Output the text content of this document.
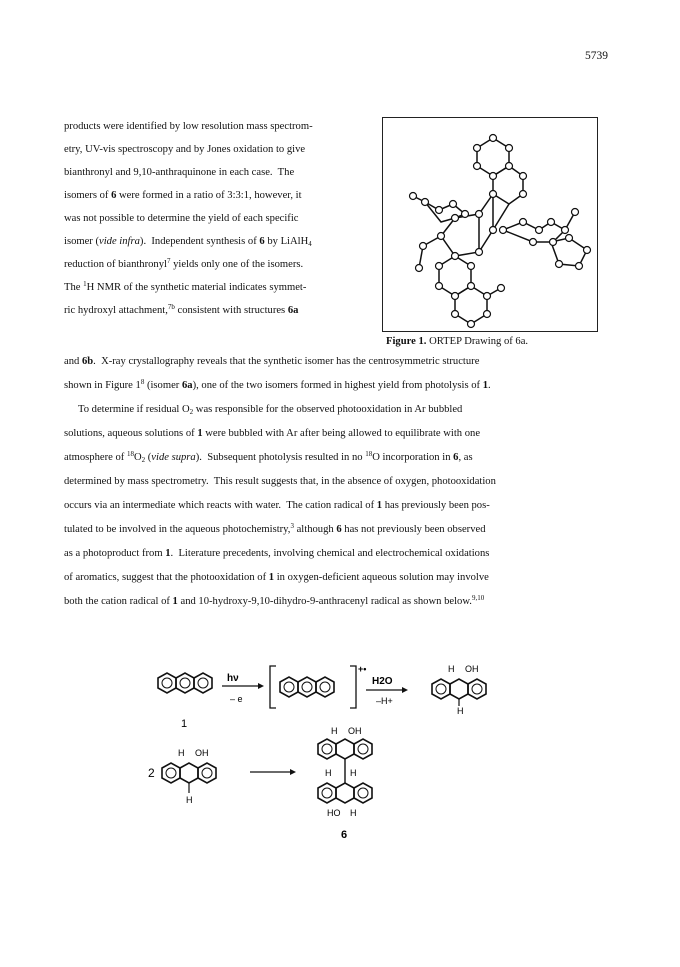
5739
products were identified by low resolution mass spectrom-
etry, UV-vis spectroscopy and by Jones oxidation to give
bianthronyl and 9,10-anthraquinone in each case.  The
isomers of 6 were formed in a ratio of 3:3:1, however, it
was not possible to determine the yield of each specific
isomer (vide infra).  Independent synthesis of 6 by LiAlH$_4$
reduction of bianthronyl$^7$ yields only one of the isomers.
The $^1$H NMR of the synthetic material indicates symmet-
ric hydroxyl attachment,$^{7b}$ consistent with structures 6a
Figure 1. ORTEP Drawing of 6a.
and 6b.  X-ray crystallography reveals that the synthetic isomer has the centrosymmetric structure
shown in Figure $1^8$ (isomer 6a), one of the two isomers formed in highest yield from photolysis of 1.
To determine if residual $O_2$ was responsible for the observed photooxidation in Ar bubbled
solutions, aqueous solutions of 1 were bubbled with Ar after being allowed to equilibrate with one
atmosphere of $^{18}O_2$ (vide supra).  Subsequent photolysis resulted in no $^{18}$O incorporation in 6, as
determined by mass spectrometry.  This result suggests that, in the absence of oxygen, photooxidation
occurs via an intermediate which reacts with water.  The cation radical of 1 has previously been pos-
tulated to be involved in the aqueous photochemistry,$^3$ although 6 has not previously been observed
as a photoproduct from 1.  Literature precedents, involving chemical and electrochemical oxidations
of aromatics, suggest that the photooxidation of 1 in oxygen-deficient aqueous solution may involve
both the cation radical of 1 and 10-hydroxy-9,10-dihydro-9-anthracenyl radical as shown below.$^{9,10}$
1
hν
– e
+•
H2O
–H+
H OH
H
2
H OH
H
H OH
H H
HO H
6
